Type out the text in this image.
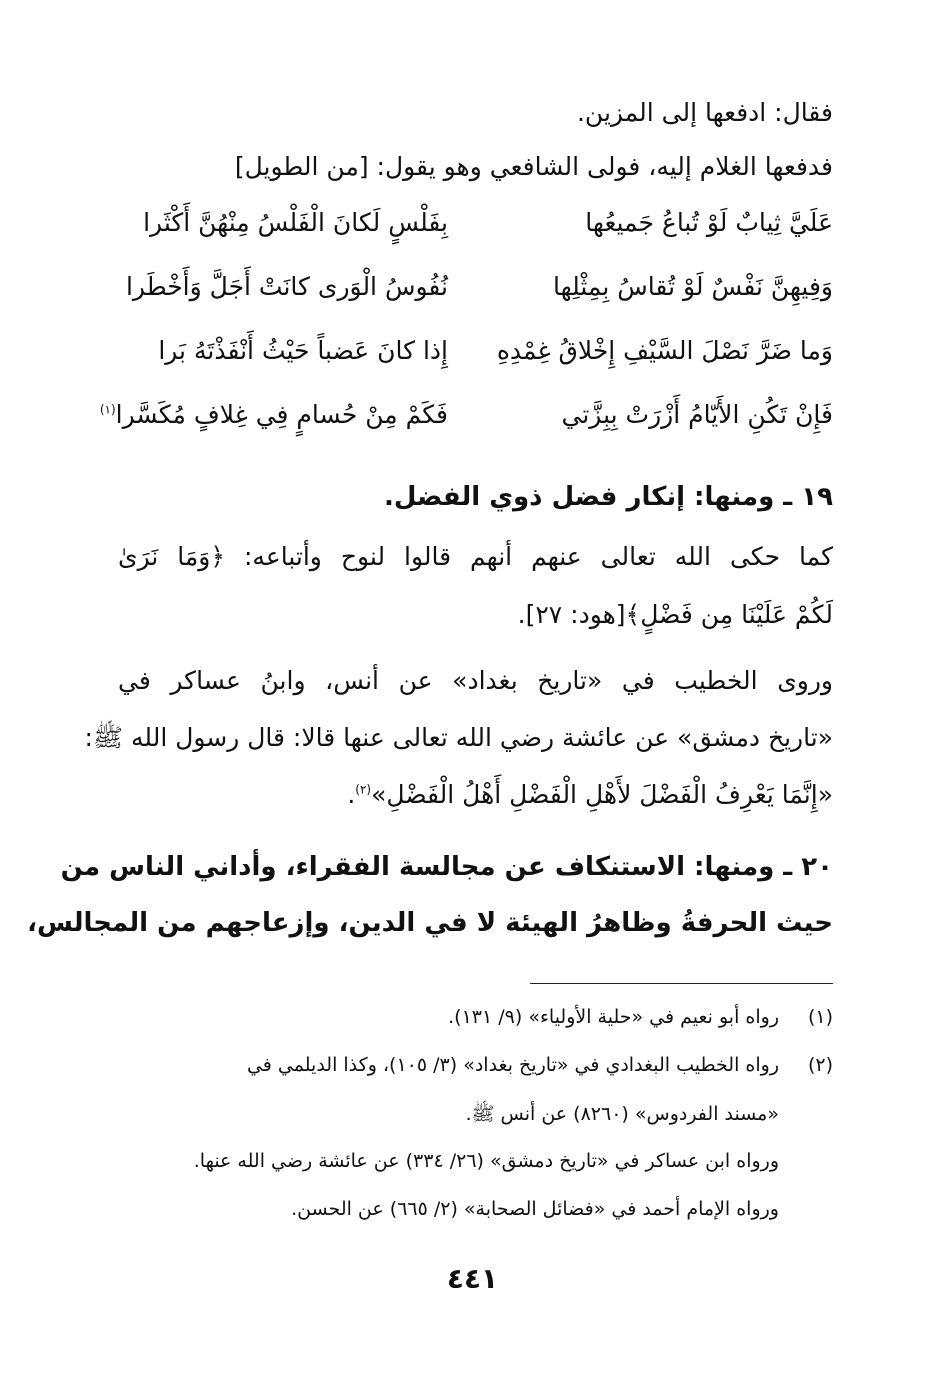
فقال: ادفعها إلى المزين.
فدفعها الغلام إليه، فولى الشافعي وهو يقول: [من الطويل]
عَلَيَّ ثِيابٌ لَوْ تُباعُ جَميعُها
بِفَلْسٍ لَكانَ الْفَلْسُ مِنْهُنَّ أَكْثَرا
وَفِيهِنَّ نَفْسٌ لَوْ تُقاسُ بِمِثْلِها
نُفُوسُ الْوَرى كانَتْ أَجَلَّ وَأَخْطَرا
وَما ضَرَّ نَصْلَ السَّيْفِ إِخْلاقُ غِمْدِهِ
إِذا كانَ عَضباً حَيْثُ أَنْفَذْتَهُ بَرا
فَإِنْ تَكُنِ الأَيّامُ أَزْرَتْ بِبِزَّتي
فَكَمْ مِنْ حُسامٍ فِي غِلافٍ مُكَسَّرا$^{(١)}$
١٩ ـ ومنها: إنكار فضل ذوي الفضل.
كما حكى الله تعالى عنهم أنهم قالوا لنوح وأتباعه: ﴿وَمَا نَرَىٰ
لَكُمْ عَلَيْنَا مِن فَضْلٍ﴾[هود: ٢٧].
وروى الخطيب في «تاريخ بغداد» عن أنس، وابنُ عساكر في
«تاريخ دمشق» عن عائشة رضي الله تعالى عنها قالا: قال رسول الله ﷺ:
«إِنَّمَا يَعْرِفُ الْفَضْلَ لأَهْلِ الْفَضْلِ أَهْلُ الْفَضْلِ»$^{(٢)}$.
٢٠ ـ ومنها: الاستنكاف عن مجالسة الفقراء، وأداني الناس من
حيث الحرفةُ وظاهرُ الهيئة لا في الدين، وإزعاجهم من المجالس،
(١)رواه أبو نعيم في «حلية الأولياء» (٩/ ١٣١).
(٢)رواه الخطيب البغدادي في «تاريخ بغداد» (٣/ ١٠٥)، وكذا الديلمي في
«مسند الفردوس» (٨٢٦٠) عن أنس ﷺ.
ورواه ابن عساكر في «تاريخ دمشق» (٢٦/ ٣٣٤) عن عائشة رضي الله عنها.
ورواه الإمام أحمد في «فضائل الصحابة» (٢/ ٦٦٥) عن الحسن.
٤٤١
